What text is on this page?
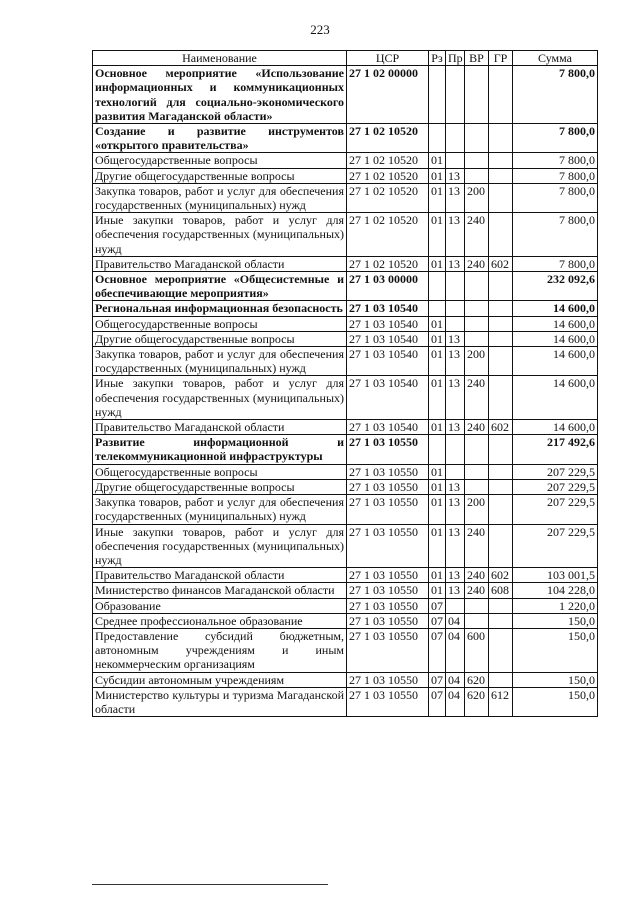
223
Наименование	ЦСР	Рз	Пр	ВР	ГР	Сумма
Основное мероприятие «Использование информационных и коммуникационных технологий для социально-экономического развития Магаданской области»	27 1 02 00000					7 800,0
Создание и развитие инструментов «открытого правительства»	27 1 02 10520					7 800,0
Общегосударственные вопросы	27 1 02 10520	01				7 800,0
Другие общегосударственные вопросы	27 1 02 10520	01	13			7 800,0
Закупка товаров, работ и услуг для обеспечения государственных (муниципальных) нужд	27 1 02 10520	01	13	200		7 800,0
Иные закупки товаров, работ и услуг для обеспечения государственных (муниципальных) нужд	27 1 02 10520	01	13	240		7 800,0
Правительство Магаданской области	27 1 02 10520	01	13	240	602	7 800,0
Основное мероприятие «Общесистемные и обеспечивающие мероприятия»	27 1 03 00000					232 092,6
Региональная информационная безопасность	27 1 03 10540					14 600,0
Общегосударственные вопросы	27 1 03 10540	01				14 600,0
Другие общегосударственные вопросы	27 1 03 10540	01	13			14 600,0
Закупка товаров, работ и услуг для обеспечения государственных (муниципальных) нужд	27 1 03 10540	01	13	200		14 600,0
Иные закупки товаров, работ и услуг для обеспечения государственных (муниципальных) нужд	27 1 03 10540	01	13	240		14 600,0
Правительство Магаданской области	27 1 03 10540	01	13	240	602	14 600,0
Развитие информационной и телекоммуникационной инфраструктуры	27 1 03 10550					217 492,6
Общегосударственные вопросы	27 1 03 10550	01				207 229,5
Другие общегосударственные вопросы	27 1 03 10550	01	13			207 229,5
Закупка товаров, работ и услуг для обеспечения государственных (муниципальных) нужд	27 1 03 10550	01	13	200		207 229,5
Иные закупки товаров, работ и услуг для обеспечения государственных (муниципальных) нужд	27 1 03 10550	01	13	240		207 229,5
Правительство Магаданской области	27 1 03 10550	01	13	240	602	103 001,5
Министерство финансов Магаданской области	27 1 03 10550	01	13	240	608	104 228,0
Образование	27 1 03 10550	07				1 220,0
Среднее профессиональное образование	27 1 03 10550	07	04			150,0
Предоставление субсидий бюджетным, автономным учреждениям и иным некоммерческим организациям	27 1 03 10550	07	04	600		150,0
Субсидии автономным учреждениям	27 1 03 10550	07	04	620		150,0
Министерство культуры и туризма Магаданской области	27 1 03 10550	07	04	620	612	150,0
